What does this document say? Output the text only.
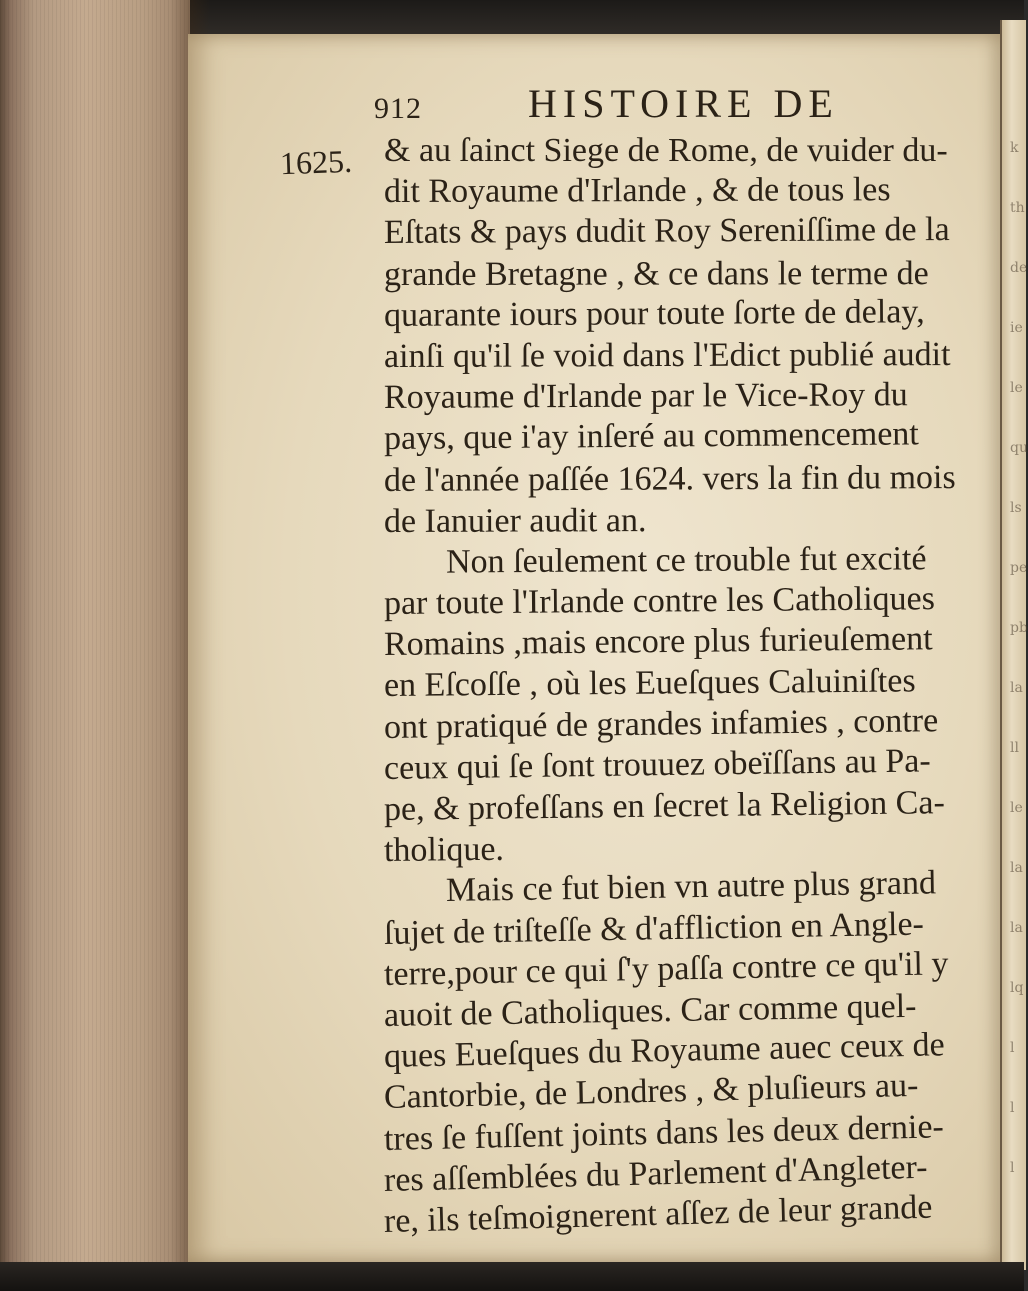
k
th
de
ie
le
qu
ls
pe
pb
la
ll
le
la
la
lq
l
l
l
912	HISTOIRE DE
1625. & au ſainct Siege de Rome, de vuider du-
dit Royaume d'Irlande , & de tous les
Eſtats & pays dudit Roy Sereniſſime de la
grande Bretagne , & ce dans le terme de
quarante iours pour toute ſorte de delay,
ainſi qu'il ſe void dans l'Edict publié audit
Royaume d'Irlande par le Vice-Roy du
pays, que i'ay inſeré au commencement
de l'année paſſée 1624. vers la fin du mois
de Ianuier audit an.
Non ſeulement ce trouble fut excité
par toute l'Irlande contre les Catholiques
Romains ,mais encore plus furieuſement
en Eſcoſſe , où les Eueſques Caluiniſtes
ont pratiqué de grandes infamies , contre
ceux qui ſe ſont trouuez obeïſſans au Pa-
pe, & profeſſans en ſecret la Religion Ca-
tholique.
Mais ce fut bien vn autre plus grand
ſujet de triſteſſe & d'affliction en Angle-
terre,pour ce qui ſ'y paſſa contre ce qu'il y
auoit de Catholiques. Car comme quel-
ques Eueſques du Royaume auec ceux de
Cantorbie, de Londres , & pluſieurs au-
tres ſe fuſſent joints dans les deux dernie-
res aſſemblées du Parlement d'Angleter-
re, ils teſmoignerent aſſez de leur grande
